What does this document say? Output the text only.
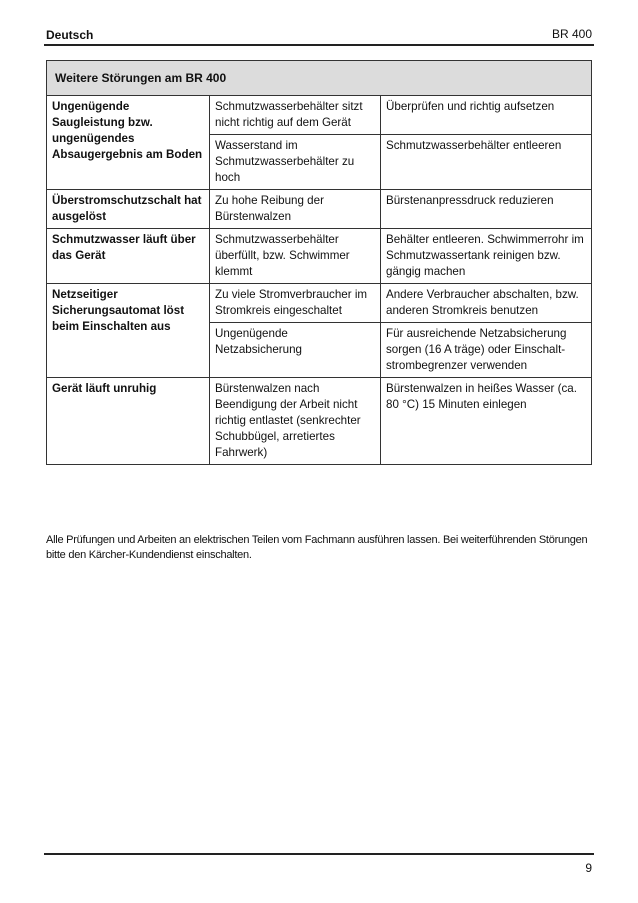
Deutsch	BR 400
Weitere Störungen am BR 400		
Ungenügende Saugleistung bzw. ungenügendes Absaugergebnis am Boden	Schmutzwasserbehälter sitzt nicht richtig auf dem Gerät	Überprüfen und richtig aufsetzen
	Wasserstand im Schmutzwasserbehälter zu hoch	Schmutzwasserbehälter entleeren
Überstromschutzschalt hat ausgelöst	Zu hohe Reibung der Bürstenwalzen	Bürstenanpressdruck reduzieren
Schmutzwasser läuft über das Gerät	Schmutzwasserbehälter überfüllt, bzw. Schwimmer klemmt	Behälter entleeren. Schwimmerrohr im Schmutzwassertank reinigen bzw. gängig machen
Netzseitiger Sicherungsautomat löst beim Einschalten aus	Zu viele Stromverbraucher im Stromkreis eingeschaltet	Andere Verbraucher abschalten, bzw. anderen Stromkreis benutzen
	Ungenügende Netzabsicherung	Für ausreichende Netzabsicherung sorgen (16 A träge) oder Einschalt-strombegrenzer verwenden
Gerät läuft unruhig	Bürstenwalzen nach Beendigung der Arbeit nicht richtig entlastet (senkrechter Schubbügel, arretiertes Fahrwerk)	Bürstenwalzen in heißes Wasser (ca. 80 °C) 15 Minuten einlegen
Alle Prüfungen und Arbeiten an elektrischen Teilen vom Fachmann ausführen lassen. Bei weiterführenden Störungen bitte den Kärcher-Kundendienst einschalten.
9
